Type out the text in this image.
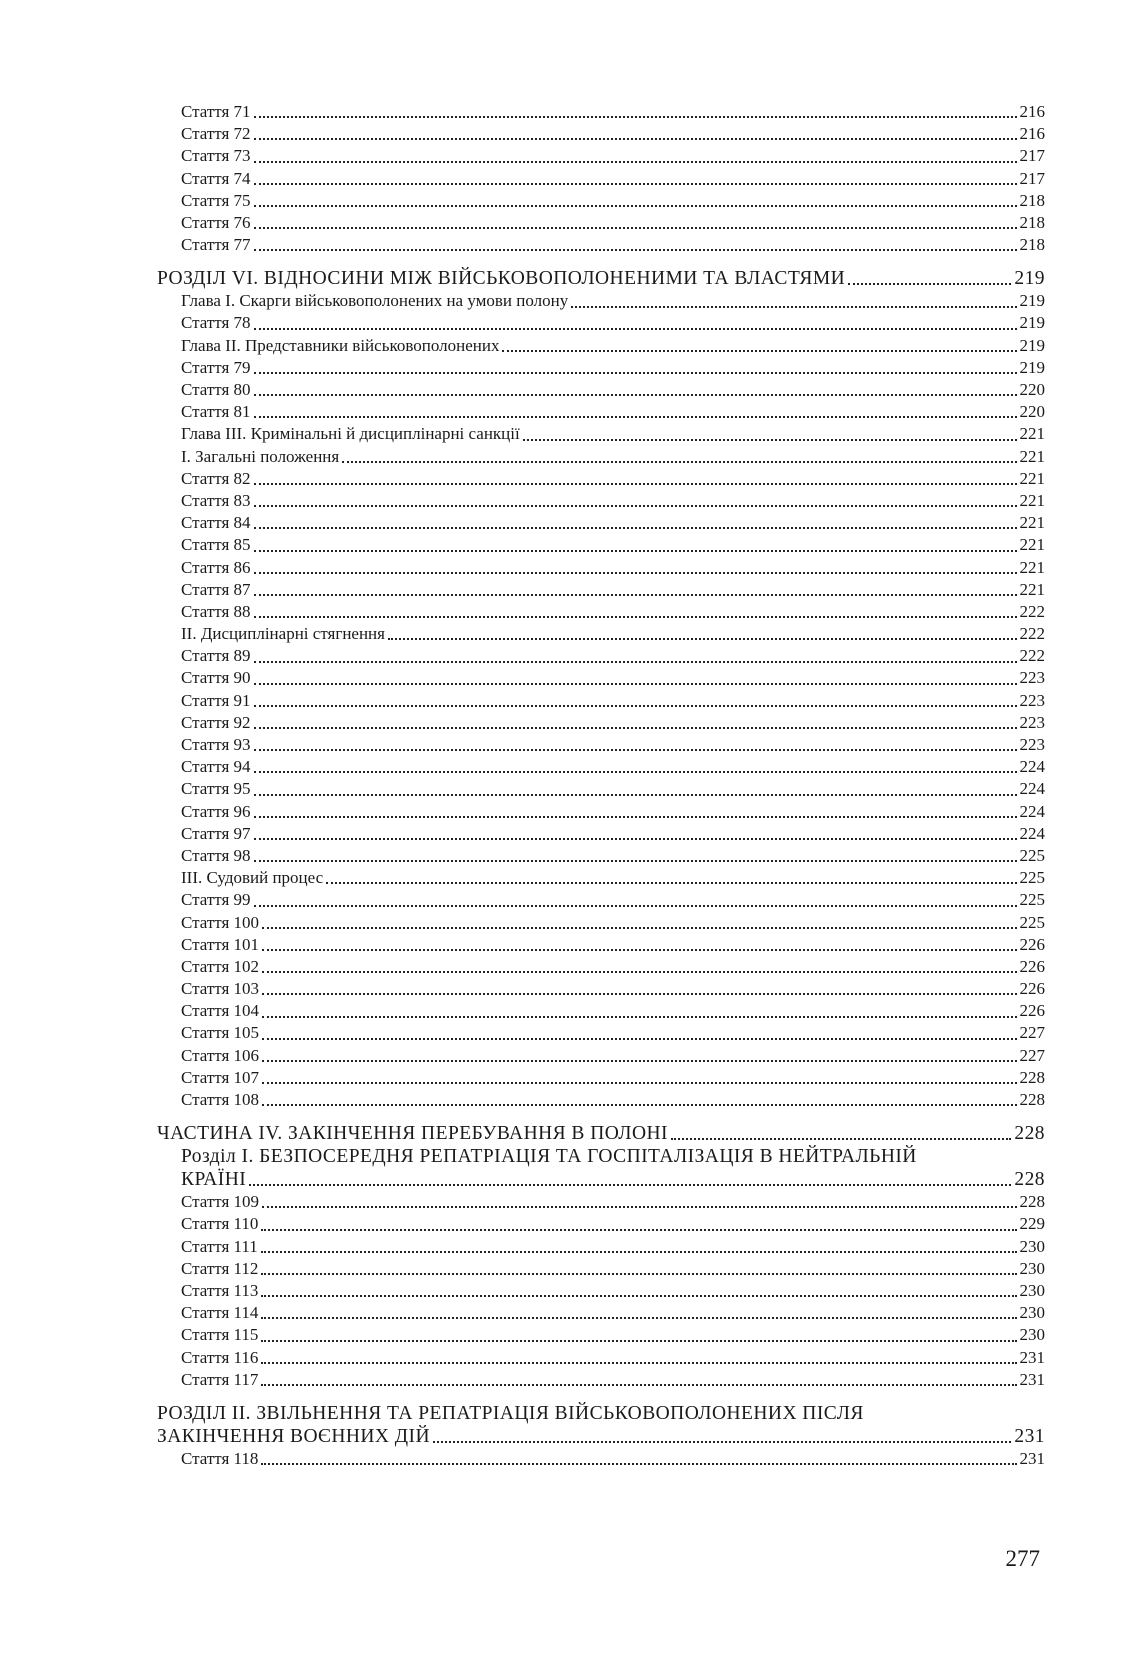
Стаття 71	216
Стаття 72	216
Стаття 73	217
Стаття 74	217
Стаття 75	218
Стаття 76	218
Стаття 77	218
РОЗДІЛ VI. ВІДНОСИНИ МІЖ ВІЙСЬКОВОПОЛОНЕНИМИ ТА ВЛАСТЯМИ	219
Глава I. Скарги військовополонених на умови полону	219
Стаття 78	219
Глава II. Представники військовополонених	219
Стаття 79	219
Стаття 80	220
Стаття 81	220
Глава III. Кримінальні й дисциплінарні санкції	221
І. Загальні положення	221
Стаття 82	221
Стаття 83	221
Стаття 84	221
Стаття 85	221
Стаття 86	221
Стаття 87	221
Стаття 88	222
II. Дисциплінарні стягнення	222
Стаття 89	222
Стаття 90	223
Стаття 91	223
Стаття 92	223
Стаття 93	223
Стаття 94	224
Стаття 95	224
Стаття 96	224
Стаття 97	224
Стаття 98	225
III. Судовий процес	225
Стаття 99	225
Стаття 100	225
Стаття 101	226
Стаття 102	226
Стаття 103	226
Стаття 104	226
Стаття 105	227
Стаття 106	227
Стаття 107	228
Стаття 108	228
ЧАСТИНА IV. ЗАКІНЧЕННЯ ПЕРЕБУВАННЯ В ПОЛОНІ	228
Розділ I. БЕЗПОСЕРЕДНЯ РЕПАТРІАЦІЯ ТА ГОСПІТАЛІЗАЦІЯ В НЕЙТРАЛЬНІЙ
КРАЇНІ	228
Стаття 109	228
Стаття 110	229
Стаття 111	230
Стаття 112	230
Стаття 113	230
Стаття 114	230
Стаття 115	230
Стаття 116	231
Стаття 117	231
РОЗДІЛ II. ЗВІЛЬНЕННЯ ТА РЕПАТРІАЦІЯ ВІЙСЬКОВОПОЛОНЕНИХ ПІСЛЯ
ЗАКІНЧЕННЯ ВОЄННИХ ДІЙ	231
Стаття 118	231
277
